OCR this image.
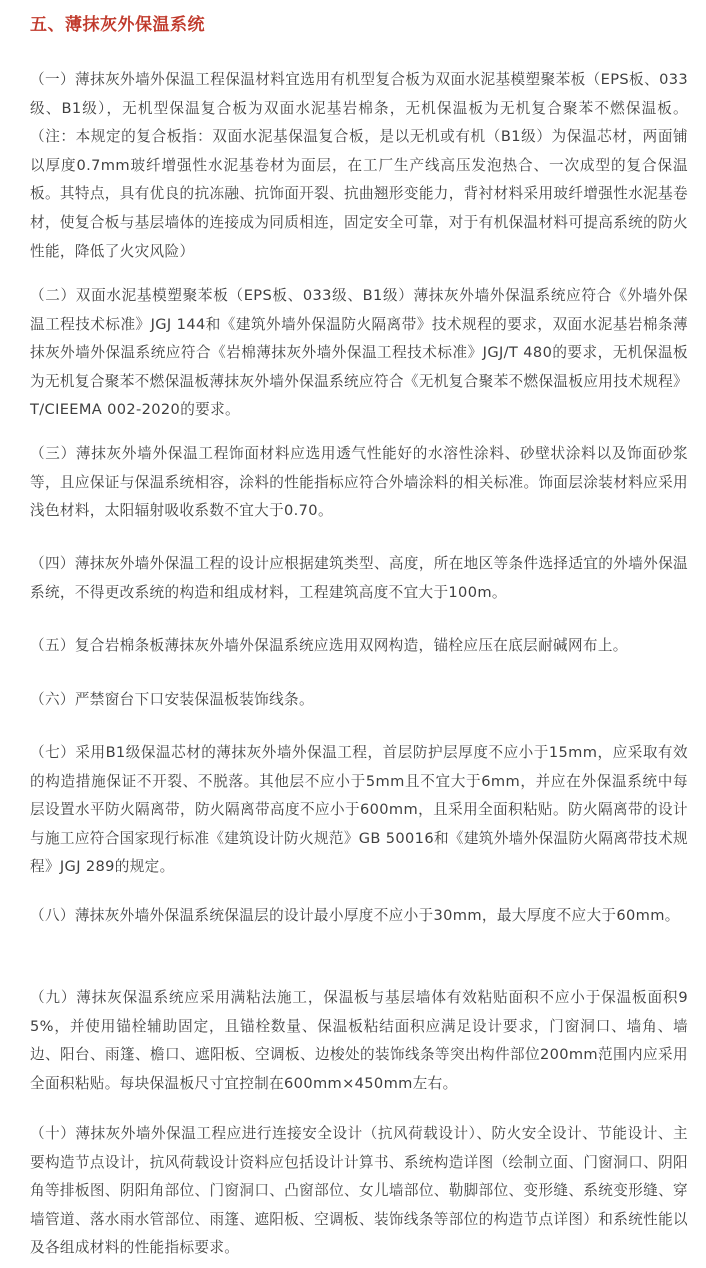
五、薄抹灰外保温系统

（一）薄抹灰外墙外保温工程保温材料宜选用有机型复合板为双面水泥基模塑聚苯板（EPS板、033级、B1级），无机型保温复合板为双面水泥基岩棉条，无机保温板为无机复合聚苯不燃保温板。（注：本规定的复合板指：双面水泥基保温复合板，是以无机或有机（B1级）为保温芯材，两面铺以厚度0.7mm玻纤增强性水泥基卷材为面层，在工厂生产线高压发泡热合、一次成型的复合保温板。其特点，具有优良的抗冻融、抗饰面开裂、抗曲翘形变能力，背衬材料采用玻纤增强性水泥基卷材，使复合板与基层墙体的连接成为同质相连，固定安全可靠，对于有机保温材料可提高系统的防火性能，降低了火灾风险）

（二）双面水泥基模塑聚苯板（EPS板、033级、B1级）薄抹灰外墙外保温系统应符合《外墙外保温工程技术标准》JGJ 144和《建筑外墙外保温防火隔离带》技术规程的要求，双面水泥基岩棉条薄抹灰外墙外保温系统应符合《岩棉薄抹灰外墙外保温工程技术标准》JGJ/T 480的要求，无机保温板为无机复合聚苯不燃保温板薄抹灰外墙外保温系统应符合《无机复合聚苯不燃保温板应用技术规程》T/CIEEMA 002-2020的要求。

（三）薄抹灰外墙外保温工程饰面材料应选用透气性能好的水溶性涂料、砂壁状涂料以及饰面砂浆等，且应保证与保温系统相容，涂料的性能指标应符合外墙涂料的相关标准。饰面层涂装材料应采用浅色材料，太阳辐射吸收系数不宜大于0.70。

（四）薄抹灰外墙外保温工程的设计应根据建筑类型、高度，所在地区等条件选择适宜的外墙外保温系统，不得更改系统的构造和组成材料，工程建筑高度不宜大于100m。

（五）复合岩棉条板薄抹灰外墙外保温系统应选用双网构造，锚栓应压在底层耐碱网布上。

（六）严禁窗台下口安装保温板装饰线条。

（七）采用B1级保温芯材的薄抹灰外墙外保温工程，首层防护层厚度不应小于15mm，应采取有效的构造措施保证不开裂、不脱落。其他层不应小于5mm且不宜大于6mm，并应在外保温系统中每层设置水平防火隔离带，防火隔离带高度不应小于600mm，且采用全面积粘贴。防火隔离带的设计与施工应符合国家现行标准《建筑设计防火规范》GB 50016和《建筑外墙外保温防火隔离带技术规程》JGJ 289的规定。

（八）薄抹灰外墙外保温系统保温层的设计最小厚度不应小于30mm，最大厚度不应大于60mm。

（九）薄抹灰保温系统应采用满粘法施工，保温板与基层墙体有效粘贴面积不应小于保温板面积95%，并使用锚栓辅助固定，且锚栓数量、保温板粘结面积应满足设计要求，门窗洞口、墙角、墙边、阳台、雨篷、檐口、遮阳板、空调板、边梭处的装饰线条等突出构件部位200mm范围内应采用全面积粘贴。每块保温板尺寸宜控制在600mm×450mm左右。

（十）薄抹灰外墙外保温工程应进行连接安全设计（抗风荷载设计）、防火安全设计、节能设计、主要构造节点设计，抗风荷载设计资料应包括设计计算书、系统构造详图（绘制立面、门窗洞口、阴阳角等排板图、阴阳角部位、门窗洞口、凸窗部位、女儿墙部位、勒脚部位、变形缝、系统变形缝、穿墙管道、落水雨水管部位、雨篷、遮阳板、空调板、装饰线条等部位的构造节点详图）和系统性能以及各组成材料的性能指标要求。
